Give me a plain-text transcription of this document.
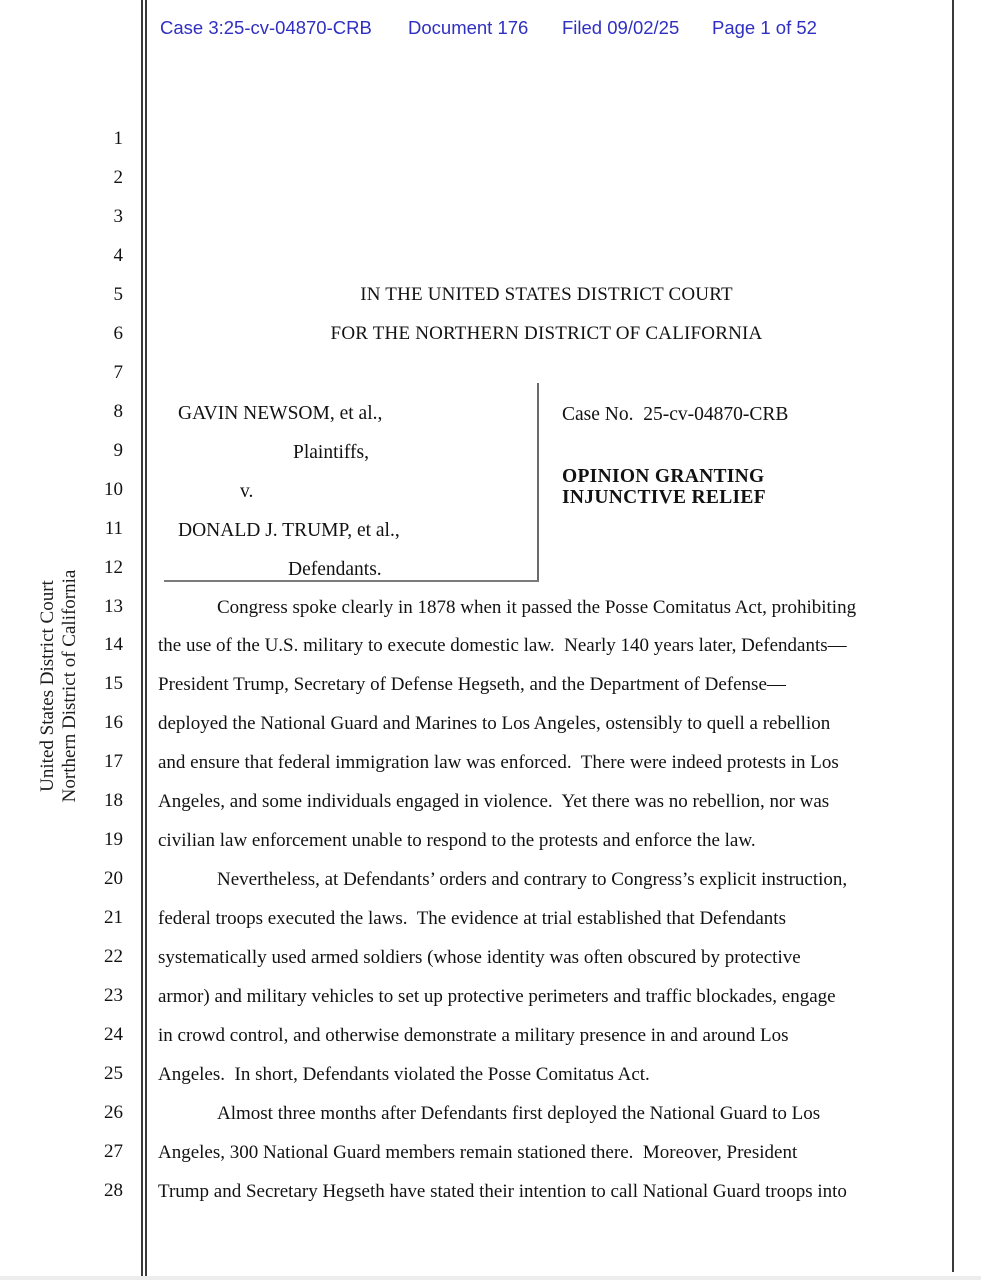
Case 3:25-cv-04870-CRB Document 176 Filed 09/02/25 Page 1 of 52
United States District Court Northern District of California
1
2
3
4
5
6
7
8
9
10
11
12
13
14
15
16
17
18
19
20
21
22
23
24
25
26
27
28
IN THE UNITED STATES DISTRICT COURT
FOR THE NORTHERN DISTRICT OF CALIFORNIA
GAVIN NEWSOM, et al.,
Plaintiffs,
v.
DONALD J. TRUMP, et al.,
Defendants.
Case No.  25-cv-04870-CRB
OPINION GRANTING
INJUNCTIVE RELIEF
Congress spoke clearly in 1878 when it passed the Posse Comitatus Act, prohibiting
the use of the U.S. military to execute domestic law.  Nearly 140 years later, Defendants—
President Trump, Secretary of Defense Hegseth, and the Department of Defense—
deployed the National Guard and Marines to Los Angeles, ostensibly to quell a rebellion
and ensure that federal immigration law was enforced.  There were indeed protests in Los
Angeles, and some individuals engaged in violence.  Yet there was no rebellion, nor was
civilian law enforcement unable to respond to the protests and enforce the law.
Nevertheless, at Defendants’ orders and contrary to Congress’s explicit instruction,
federal troops executed the laws.  The evidence at trial established that Defendants
systematically used armed soldiers (whose identity was often obscured by protective
armor) and military vehicles to set up protective perimeters and traffic blockades, engage
in crowd control, and otherwise demonstrate a military presence in and around Los
Angeles.  In short, Defendants violated the Posse Comitatus Act.
Almost three months after Defendants first deployed the National Guard to Los
Angeles, 300 National Guard members remain stationed there.  Moreover, President
Trump and Secretary Hegseth have stated their intention to call National Guard troops into
